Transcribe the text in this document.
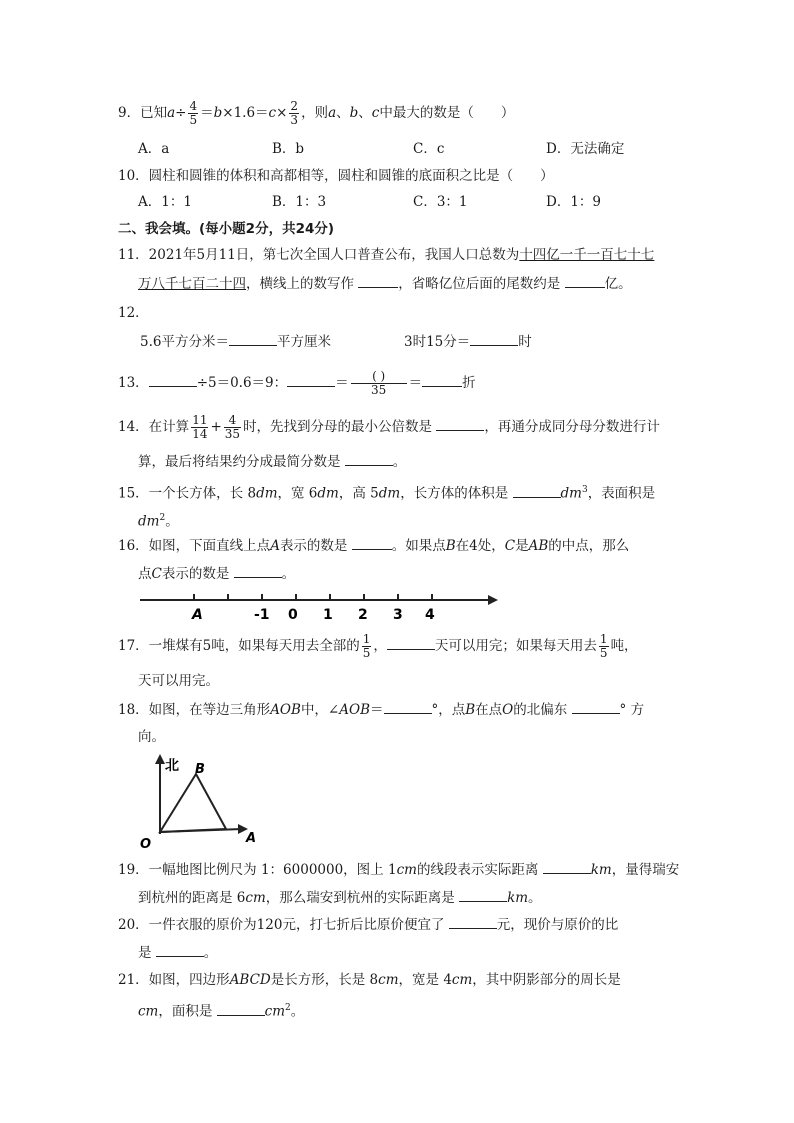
9．已知$a\div \frac{4}{5} =b\times 1.6=c\times \frac{2}{3}$ ，则a、b、c中最大的数是（　　）
A．a	B．b	C．c	D．无法确定
10．圆柱和圆锥的体积和高都相等，圆柱和圆锥的底面积之比是（　　）
A．1：1	B．1：3	C．3：1	D．1：9
二、我会填。(每小题2分，共24分)
11．2021年5月11日，第七次全国人口普查公布，我国人口总数为十四亿一千一百七十七
万八千七百二十四，横线上的数写作	，省略亿位后面的尾数约是	亿。
12．
5.6平方分米＝	平方厘米	3时15分＝	时
13．	÷5＝0.6＝9：	＝ $\frac{( )}{35}$ ＝	折
14．在计算 $\frac{11}{14} + \frac{4}{35}$ 时，先找到分母的最小公倍数是	，再通分成同分母分数进行计
算，最后将结果约分成最简分数是	。
15．一个长方体，长 8dm，宽 6dm，高 5dm，长方体的体积是	$dm^3$，表面积是
$dm^2$。
16．如图，下面直线上点A表示的数是	。如果点B在4处，C是AB的中点，那么
点C表示的数是	。
A	-1 0 1 2 3 4
17．一堆煤有5吨，如果每天用去全部的 $\frac{1}{5}$ ，	天可以用完；如果每天用去 $\frac{1}{5}$ 吨，
天可以用完。
18．如图，在等边三角形AOB中，∠AOB＝	°，点B在点O的北偏东	° 方
向。
北 B
O	A
19．一幅地图比例尺为 1：6000000，图上 1cm的线段表示实际距离	km，量得瑞安
到杭州的距离是 6cm，那么瑞安到杭州的实际距离是	km。
20．一件衣服的原价为120元，打七折后比原价便宜了	元，现价与原价的比
是	。
21．如图，四边形ABCD是长方形，长是 8cm，宽是 4cm，其中阴影部分的周长是
cm，面积是	$cm^2$。
